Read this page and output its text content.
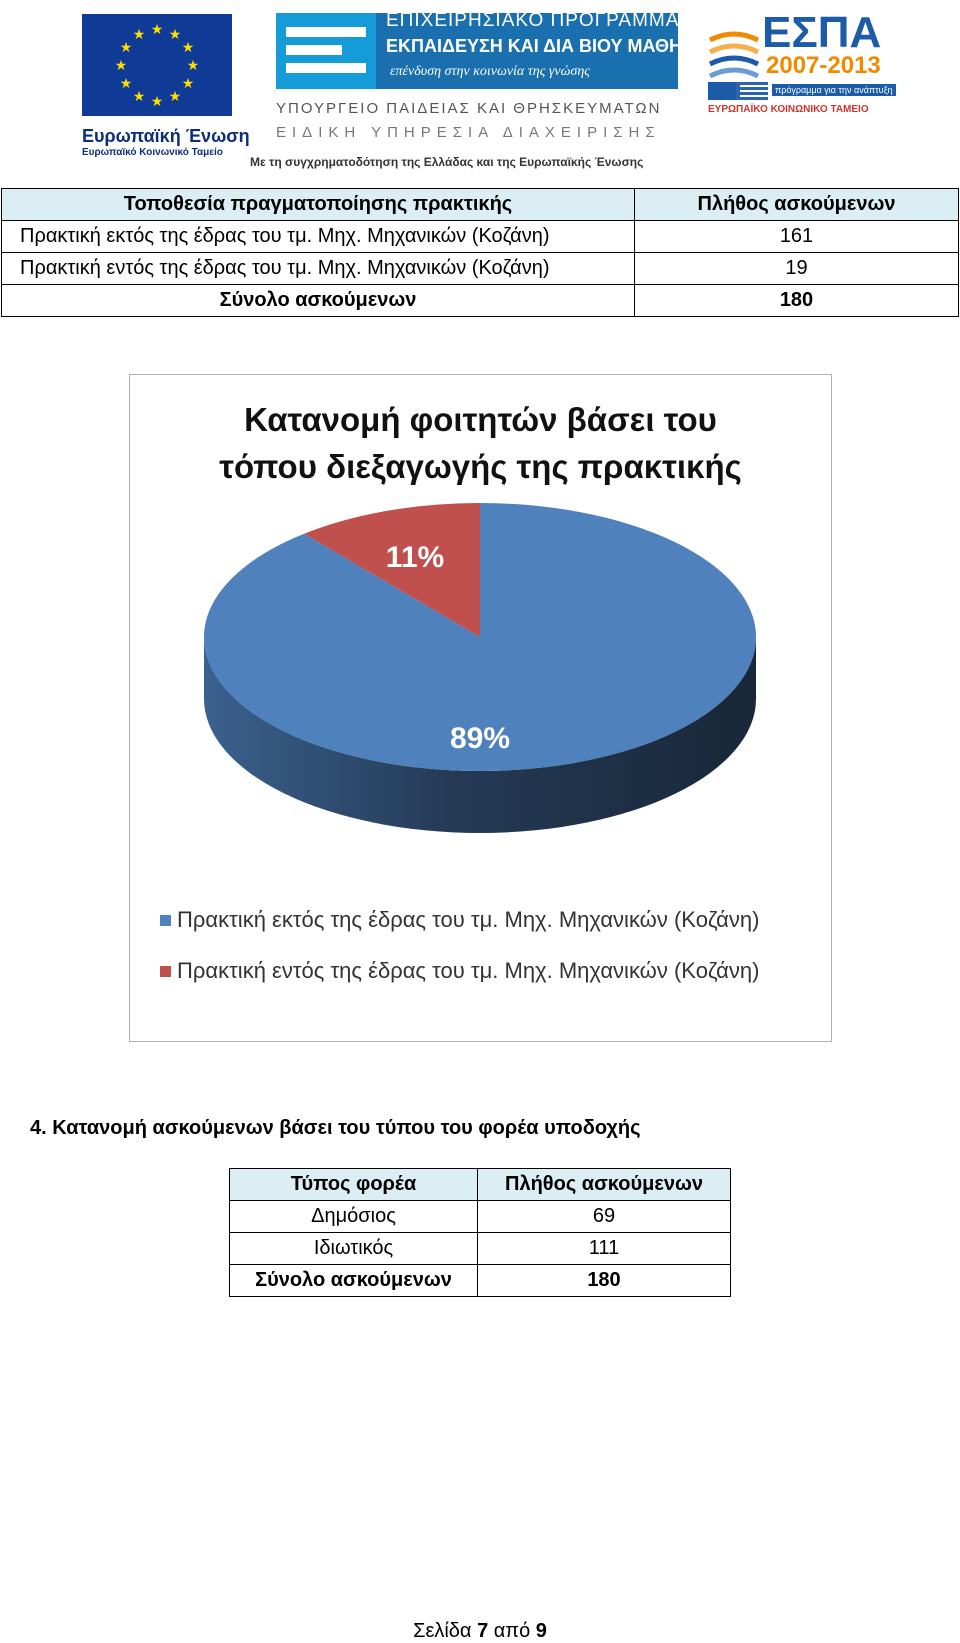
★ ★
★
★
★
★
★
★
★
★
★
★
Ευρωπαϊκή Ένωση
Ευρωπαϊκό Κοινωνικό Ταμείο
ΕΠΙΧΕΙΡΗΣΙΑΚΟ ΠΡΟΓΡΑΜΜΑ
ΕΚΠΑΙΔΕΥΣΗ ΚΑΙ ΔΙΑ ΒΙΟΥ ΜΑΘΗΣΗ
επένδυση στην κοινωνία της γνώσης
ΥΠΟΥΡΓΕΙΟ ΠΑΙΔΕΙΑΣ ΚΑΙ ΘΡΗΣΚΕΥΜΑΤΩΝ
ΕΙΔΙΚΗ ΥΠΗΡΕΣΙΑ ΔΙΑΧΕΙΡΙΣΗΣ
Με τη συγχρηματοδότηση της Ελλάδας και της Ευρωπαϊκής Ένωσης
ΕΣΠΑ
2007-2013
πρόγραμμα για την ανάπτυξη
ΕΥΡΩΠΑΪΚΟ ΚΟΙΝΩΝΙΚΟ ΤΑΜΕΙΟ
Τοποθεσία πραγματοποίησης πρακτικής	Πλήθος ασκούμενων
Πρακτική εκτός της έδρας του τμ. Μηχ. Μηχανικών (Κοζάνη)	161
Πρακτική εντός της έδρας του τμ. Μηχ. Μηχανικών (Κοζάνη)	19
Σύνολο ασκούμενων	180
89%
11%
Πρακτική εκτός της έδρας του τμ. Μηχ. Μηχανικών (Κοζάνη)
Πρακτική εντός της έδρας του τμ. Μηχ. Μηχανικών (Κοζάνη)
Κατανομή φοιτητών βάσει του
τόπου διεξαγωγής της πρακτικής
4. Κατανομή ασκούμενων βάσει του τύπου του φορέα υποδοχής
Τύπος φορέα	Πλήθος ασκούμενων
Δημόσιος	69
Ιδιωτικός	111
Σύνολο ασκούμενων	180
Σελίδα 7 από 9
